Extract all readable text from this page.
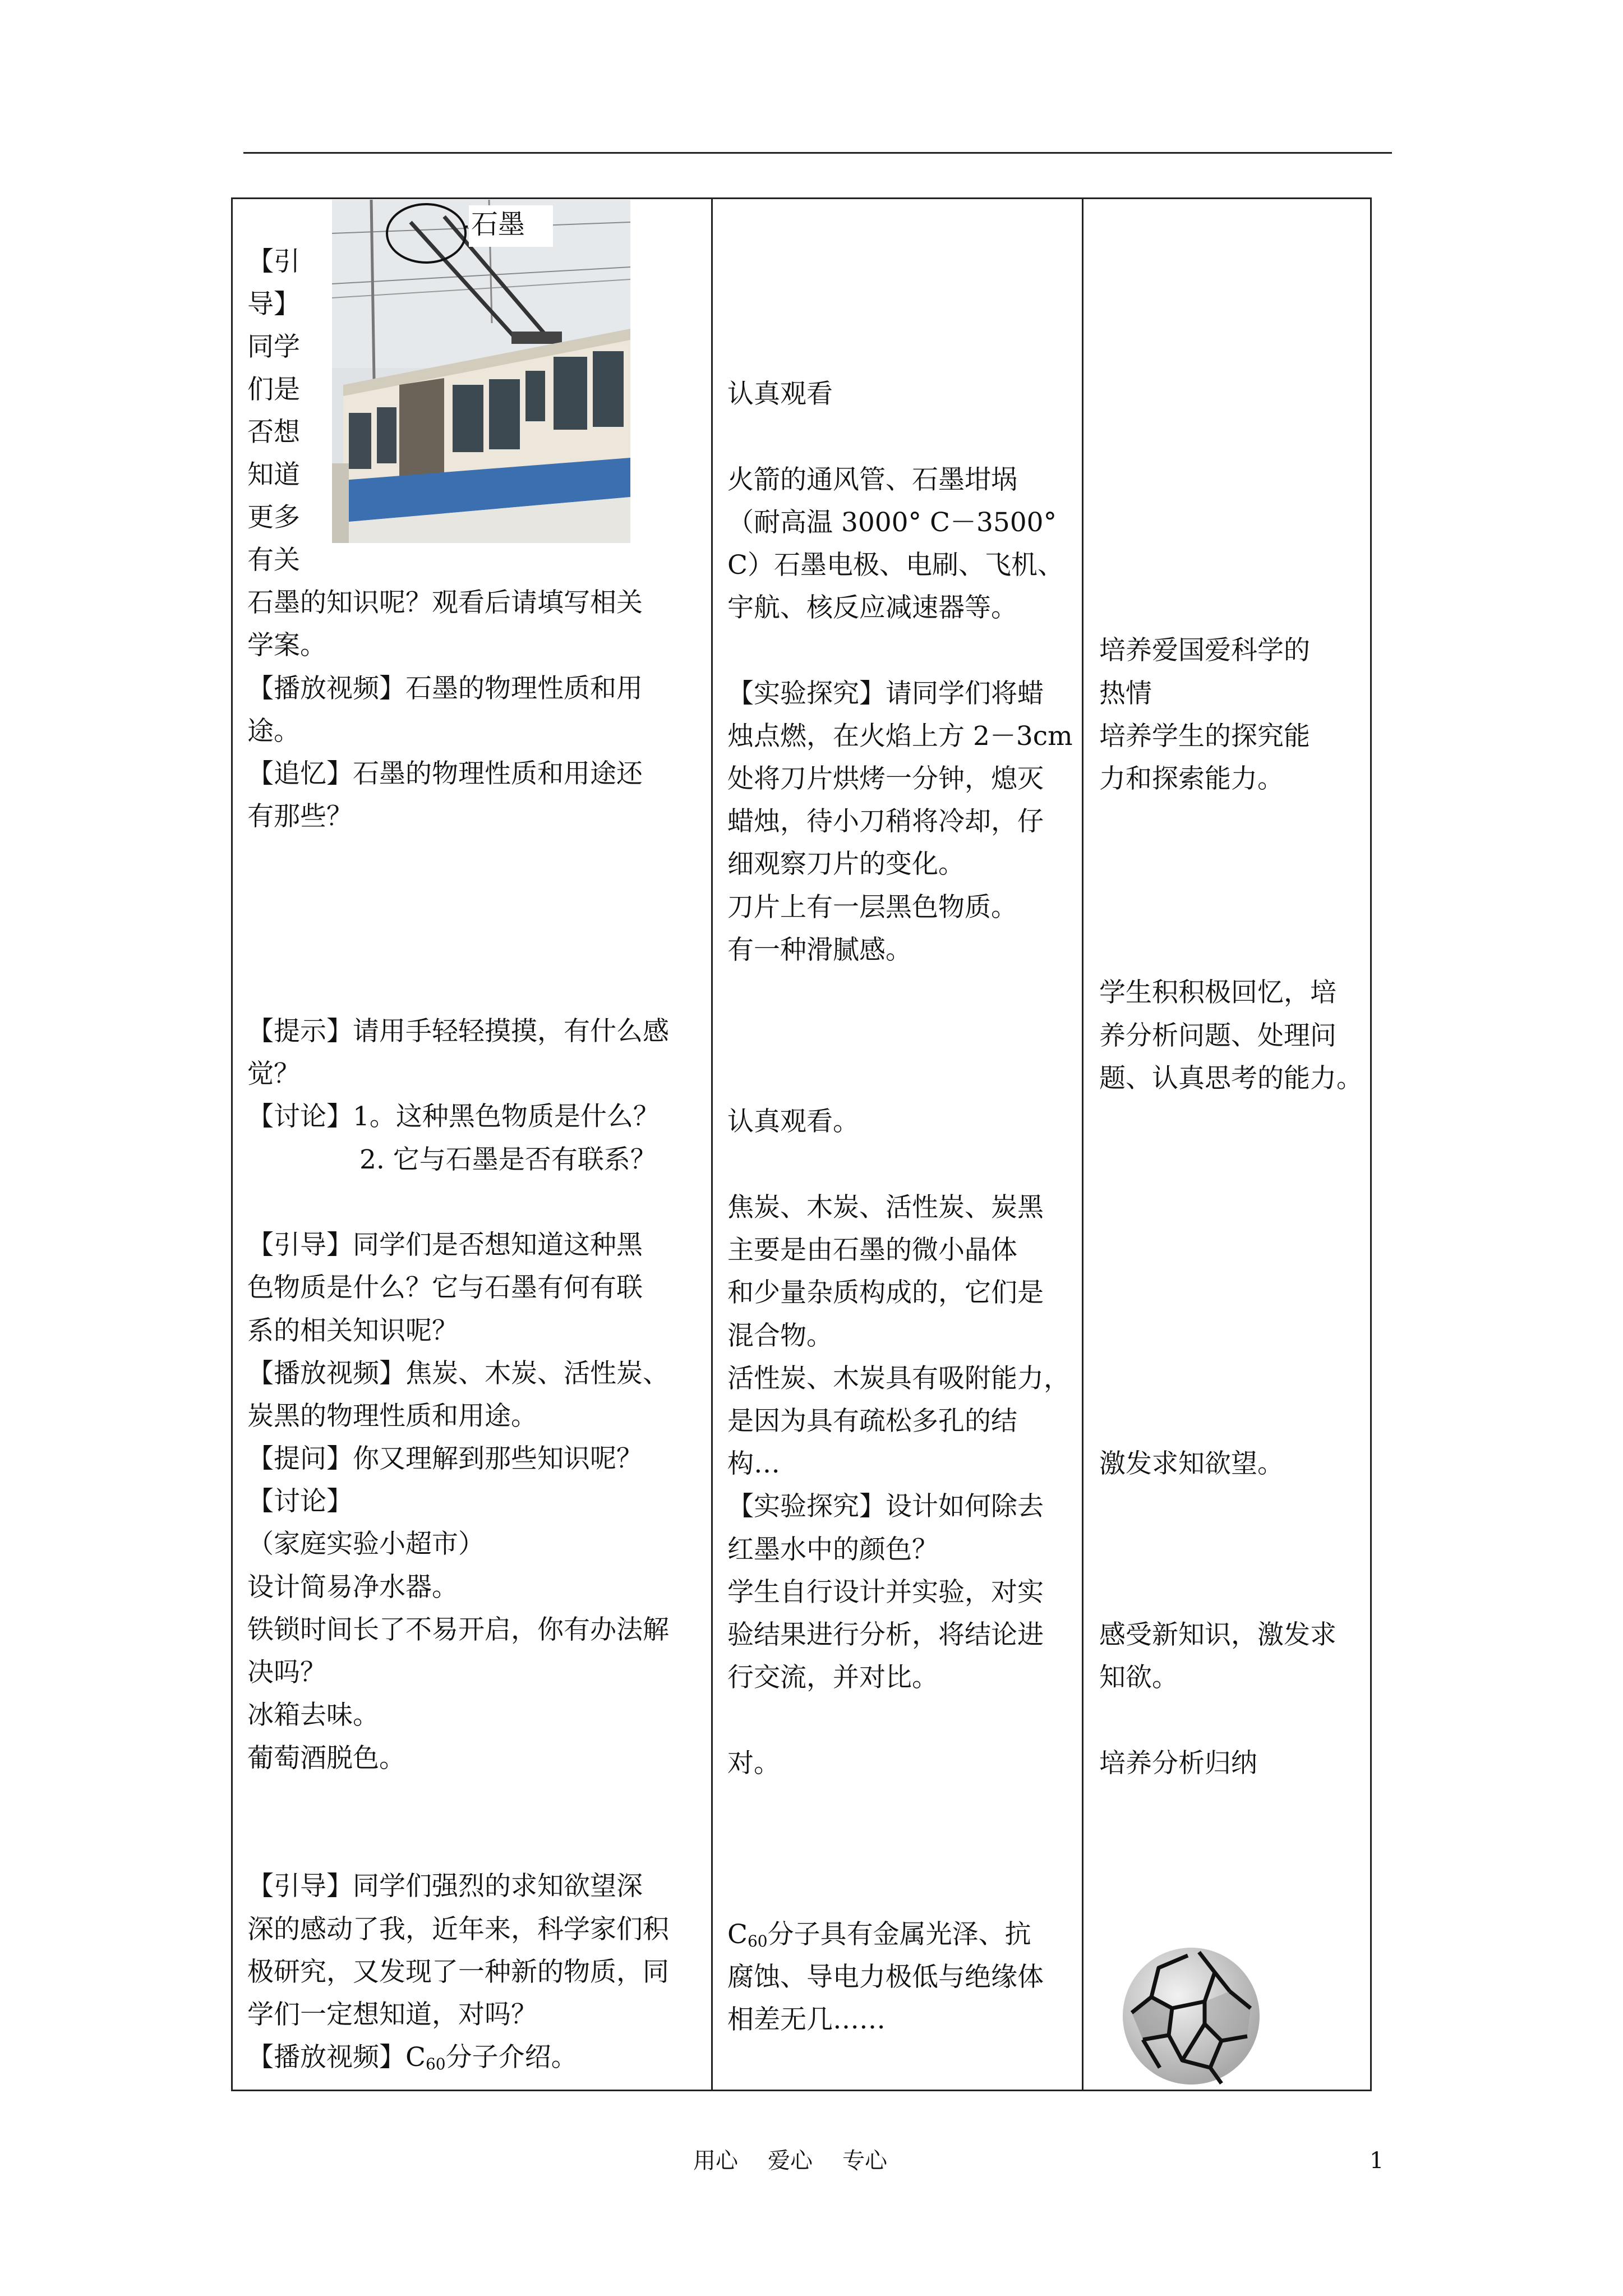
石墨
【引
导】
同学
们是
否想
知道
更多
有关
石墨的知识呢？观看后请填写相关
学案。
【播放视频】石墨的物理性质和用
途。
【追忆】石墨的物理性质和用途还
有那些？
【提示】请用手轻轻摸摸，有什么感
觉？
【讨论】1。这种黑色物质是什么？
2. 它与石墨是否有联系？
【引导】同学们是否想知道这种黑
色物质是什么？它与石墨有何有联
系的相关知识呢？
【播放视频】焦炭、木炭、活性炭、
炭黑的物理性质和用途。
【提问】你又理解到那些知识呢？
【讨论】
（家庭实验小超市）
设计简易净水器。
铁锁时间长了不易开启，你有办法解
决吗？
冰箱去味。
葡萄酒脱色。
【引导】同学们强烈的求知欲望深
深的感动了我，近年来，科学家们积
极研究，又发现了一种新的物质，同
学们一定想知道，对吗？
【播放视频】$C_{60}$分子介绍。
认真观看
火箭的通风管、石墨坩埚
（耐高温 3000° C－3500°
C）石墨电极、电刷、飞机、
宇航、核反应减速器等。
【实验探究】请同学们将蜡
烛点燃，在火焰上方 2－3cm
处将刀片烘烤一分钟，熄灭
蜡烛，待小刀稍将冷却，仔
细观察刀片的变化。
刀片上有一层黑色物质。
有一种滑腻感。
认真观看。
焦炭、木炭、活性炭、炭黑
主要是由石墨的微小晶体
和少量杂质构成的，它们是
混合物。
活性炭、木炭具有吸附能力，
是因为具有疏松多孔的结
构…
【实验探究】设计如何除去
红墨水中的颜色？
学生自行设计并实验，对实
验结果进行分析，将结论进
行交流，并对比。
对。
$C_{60}$分子具有金属光泽、抗
腐蚀、导电力极低与绝缘体
相差无几……
培养爱国爱科学的
热情
培养学生的探究能
力和探索能力。
学生积积极回忆，培
养分析问题、处理问
题、认真思考的能力。
激发求知欲望。
感受新知识，激发求
知欲。
培养分析归纳
用心 爱心 专心	1
